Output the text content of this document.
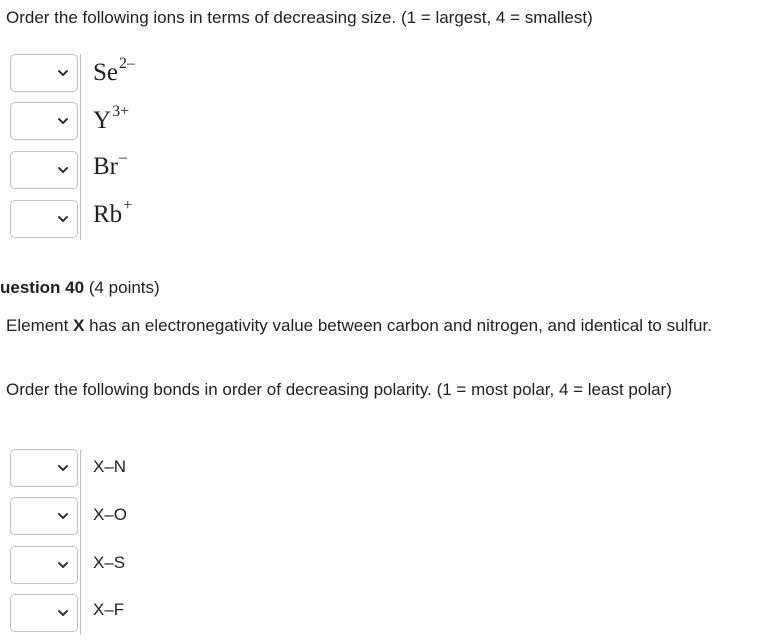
Order the following ions in terms of decreasing size. (1 = largest, 4 = smallest)
$Se^{2-}$
$Y^{3+}$
Br–
Rb+
uestion 40 (4 points)
Element X has an electronegativity value between carbon and nitrogen, and identical to sulfur.
Order the following bonds in order of decreasing polarity. (1 = most polar, 4 = least polar)
X–N
X–O
X–S
X–F
